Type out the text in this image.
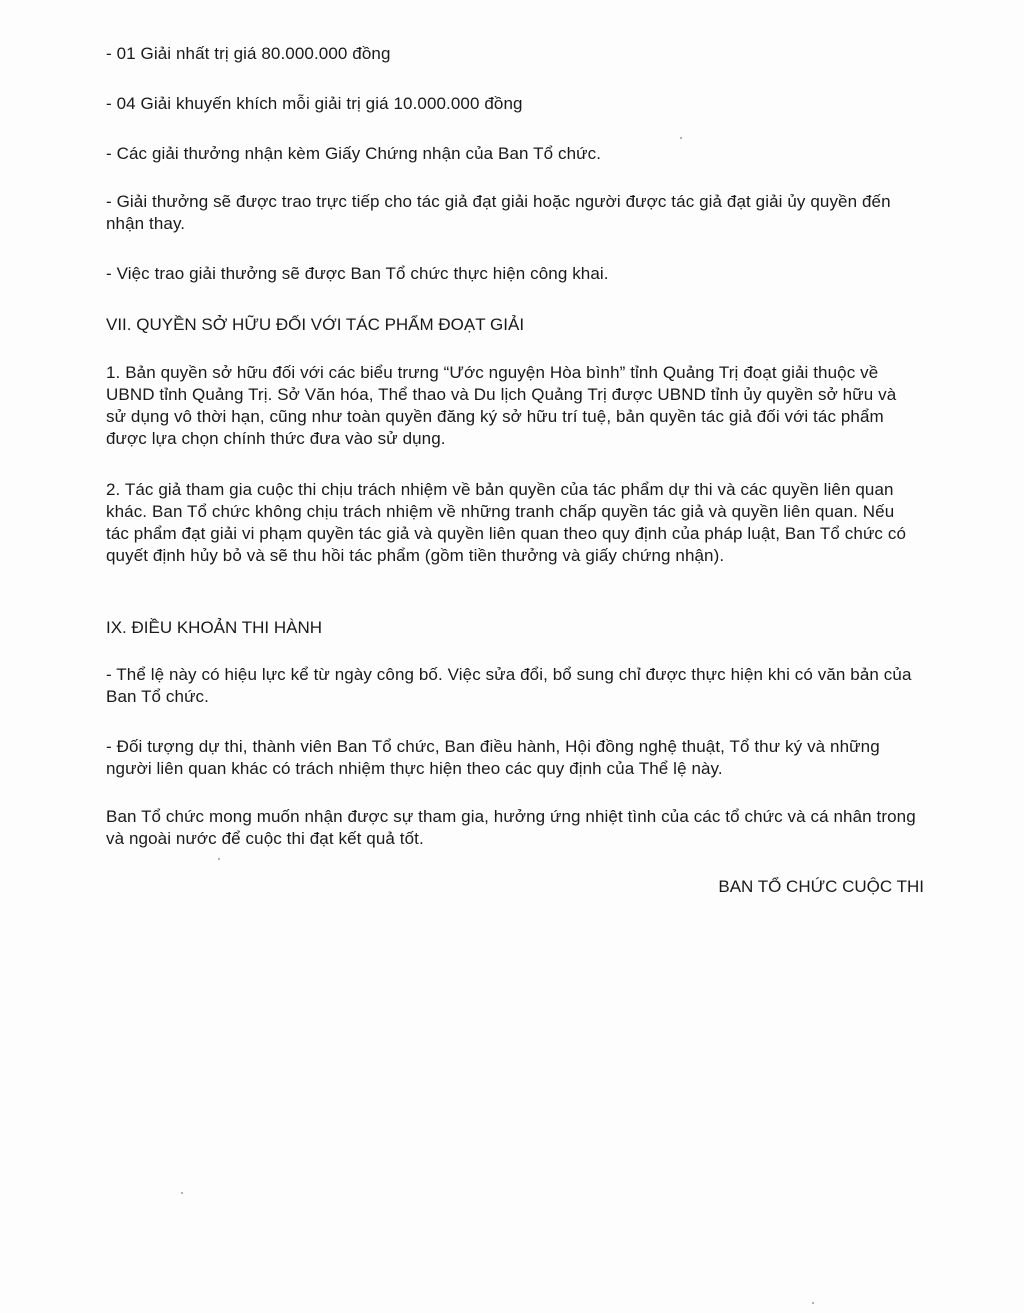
- 01 Giải nhất trị giá 80.000.000 đồng
- 04 Giải khuyến khích mỗi giải trị giá 10.000.000 đồng
- Các giải thưởng nhận kèm Giấy Chứng nhận của Ban Tổ chức.
- Giải thưởng sẽ được trao trực tiếp cho tác giả đạt giải hoặc người được tác giả đạt giải ủy quyền đến nhận thay.
- Việc trao giải thưởng sẽ được Ban Tổ chức thực hiện công khai.
VII. QUYỀN SỞ HỮU ĐỐI VỚI TÁC PHẨM ĐOẠT GIẢI
1. Bản quyền sở hữu đối với các biểu trưng “Ước nguyện Hòa bình” tỉnh Quảng Trị đoạt giải thuộc về UBND tỉnh Quảng Trị. Sở Văn hóa, Thể thao và Du lịch Quảng Trị được UBND tỉnh ủy quyền sở hữu và sử dụng vô thời hạn, cũng như toàn quyền đăng ký sở hữu trí tuệ, bản quyền tác giả đối với tác phẩm được lựa chọn chính thức đưa vào sử dụng.
2. Tác giả tham gia cuộc thi chịu trách nhiệm về bản quyền của tác phẩm dự thi và các quyền liên quan khác. Ban Tổ chức không chịu trách nhiệm về những tranh chấp quyền tác giả và quyền liên quan. Nếu tác phẩm đạt giải vi phạm quyền tác giả và quyền liên quan theo quy định của pháp luật, Ban Tổ chức có quyết định hủy bỏ và sẽ thu hồi tác phẩm (gồm tiền thưởng và giấy chứng nhận).
IX. ĐIỀU KHOẢN THI HÀNH
- Thể lệ này có hiệu lực kể từ ngày công bố. Việc sửa đổi, bổ sung chỉ được thực hiện khi có văn bản của Ban Tổ chức.
- Đối tượng dự thi, thành viên Ban Tổ chức, Ban điều hành, Hội đồng nghệ thuật, Tổ thư ký và những người liên quan khác có trách nhiệm thực hiện theo các quy định của Thể lệ này.
Ban Tổ chức mong muốn nhận được sự tham gia, hưởng ứng nhiệt tình của các tổ chức và cá nhân trong và ngoài nước để cuộc thi đạt kết quả tốt.
BAN TỔ CHỨC CUỘC THI
